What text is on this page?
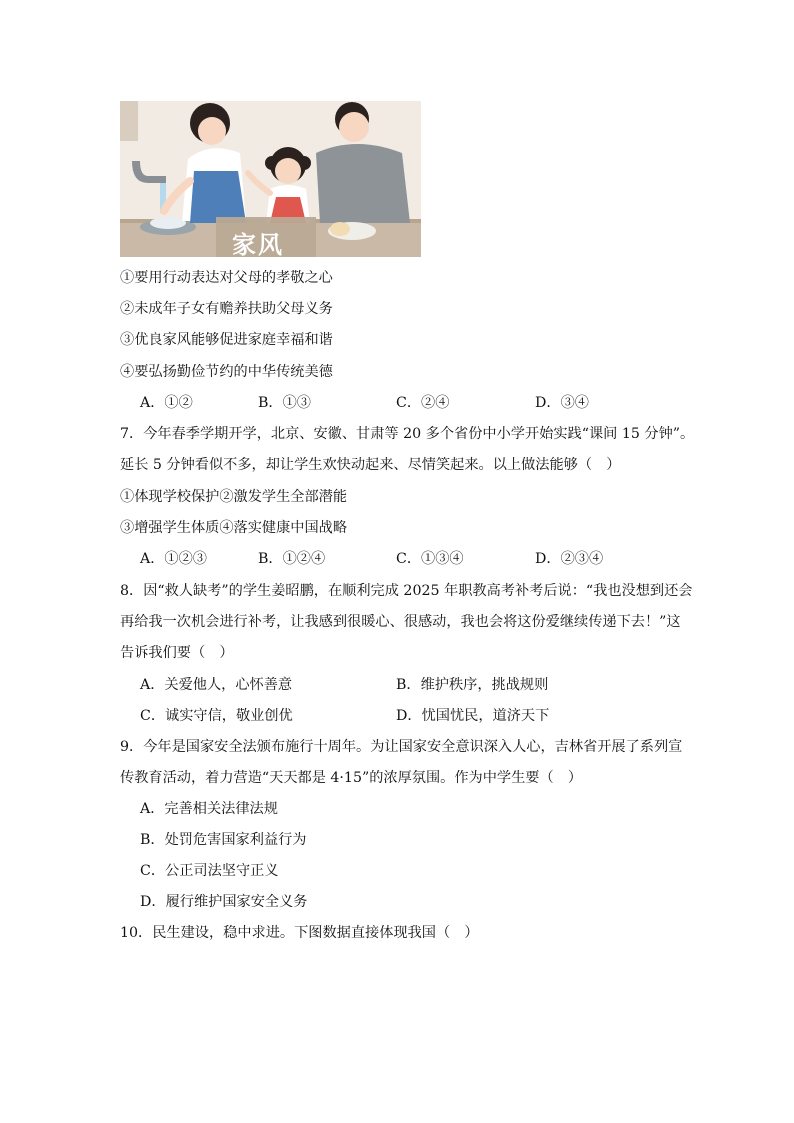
家风
①要用行动表达对父母的孝敬之心
②未成年子女有赡养扶助父母义务
③优良家风能够促进家庭幸福和谐
④要弘扬勤俭节约的中华传统美德
A．①②	B．①③	C．②④	D．③④
7．今年春季学期开学，北京、安徽、甘肃等 20 多个省份中小学开始实践“课间 15 分钟”。
延长 5 分钟看似不多，却让学生欢快动起来、尽情笑起来。以上做法能够（　）
①体现学校保护②激发学生全部潜能
③增强学生体质④落实健康中国战略
A．①②③	B．①②④	C．①③④	D．②③④
8．因“救人缺考”的学生姜昭鹏，在顺利完成 2025 年职教高考补考后说：“我也没想到还会
再给我一次机会进行补考，让我感到很暖心、很感动，我也会将这份爱继续传递下去！”这
告诉我们要（　）
A．关爱他人，心怀善意	B．维护秩序，挑战规则
C．诚实守信，敬业创优	D．忧国忧民，道济天下
9．今年是国家安全法颁布施行十周年。为让国家安全意识深入人心，吉林省开展了系列宣
传教育活动，着力营造“天天都是 4·15”的浓厚氛围。作为中学生要（　）
A．完善相关法律法规
B．处罚危害国家利益行为
C．公正司法坚守正义
D．履行维护国家安全义务
10．民生建设，稳中求进。下图数据直接体现我国（　）
